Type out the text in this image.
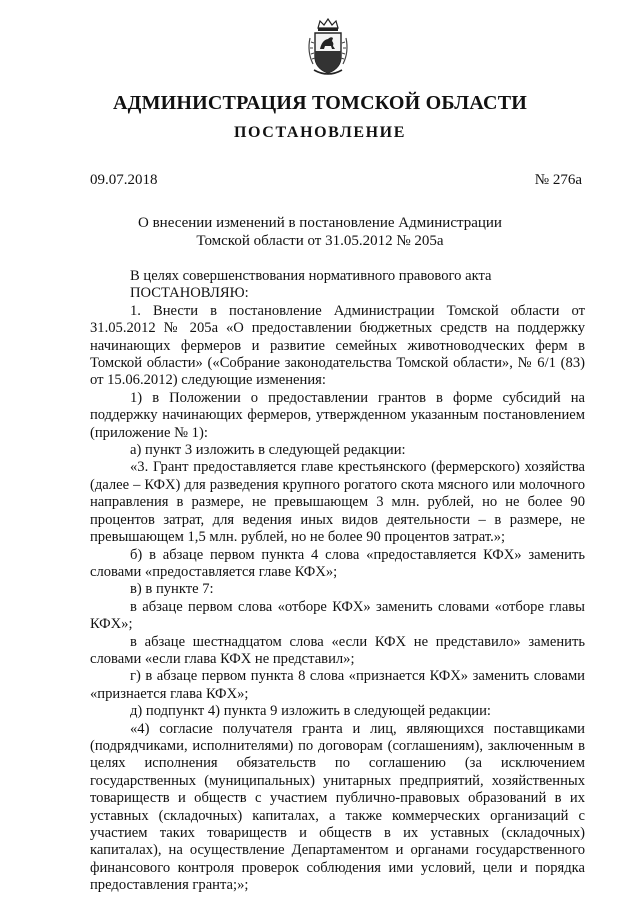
АДМИНИСТРАЦИЯ ТОМСКОЙ ОБЛАСТИ
ПОСТАНОВЛЕНИЕ
09.07.2018	№ 276а
О внесении изменений в постановление Администрации
Томской области от 31.05.2012 № 205а

В целях совершенствования нормативного правового акта

ПОСТАНОВЛЯЮ:

1. Внести в постановление Администрации Томской области от 31.05.2012 № 205а «О предоставлении бюджетных средств на поддержку начинающих фермеров и развитие семейных животноводческих ферм в Томской области» («Собрание законодательства Томской области», № 6/1 (83) от 15.06.2012) следующие изменения:

1) в Положении о предоставлении грантов в форме субсидий на поддержку начинающих фермеров, утвержденном указанным постановлением (приложение № 1):

а) пункт 3 изложить в следующей редакции:

«3. Грант предоставляется главе крестьянского (фермерского) хозяйства (далее – КФХ) для разведения крупного рогатого скота мясного или молочного направления в размере, не превышающем 3 млн. рублей, но не более 90 процентов затрат, для ведения иных видов деятельности – в размере, не превышающем 1,5 млн. рублей, но не более 90 процентов затрат.»;

б) в абзаце первом пункта 4 слова «предоставляется КФХ» заменить словами «предоставляется главе КФХ»;

в) в пункте 7:

в абзаце первом слова «отборе КФХ» заменить словами «отборе главы КФХ»;

в абзаце шестнадцатом слова «если КФХ не представило» заменить словами «если глава КФХ не представил»;

г) в абзаце первом пункта 8 слова «признается КФХ» заменить словами «признается глава КФХ»;

д) подпункт 4) пункта 9 изложить в следующей редакции:

«4) согласие получателя гранта и лиц, являющихся поставщиками (подрядчиками, исполнителями) по договорам (соглашениям), заключенным в целях исполнения обязательств по соглашению (за исключением государственных (муниципальных) унитарных предприятий, хозяйственных товариществ и обществ с участием публично-правовых образований в их уставных (складочных) капиталах, а также коммерческих организаций с участием таких товариществ и обществ в их уставных (складочных) капиталах), на осуществление Департаментом и органами государственного финансового контроля проверок соблюдения ими условий, цели и порядка предоставления гранта;»;
